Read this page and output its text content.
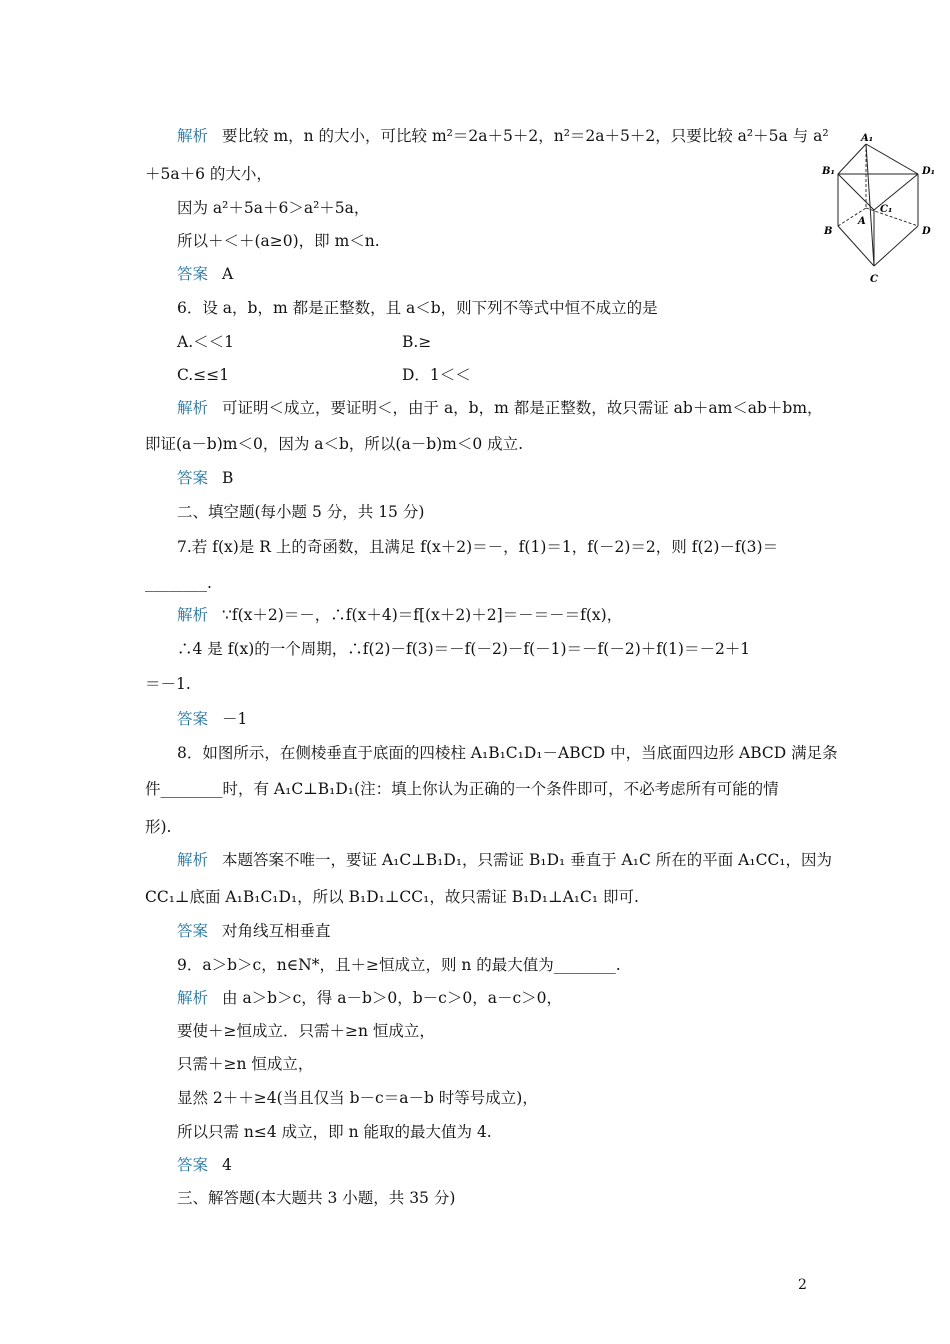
解析 要比较 m，n 的大小，可比较 m²＝2a＋5＋2，n²＝2a＋5＋2，只要比较 a²＋5a 与 a²
＋5a＋6 的大小，
因为 a²＋5a＋6＞a²＋5a，
所以＋＜＋(a≥0)，即 m＜n.
答案 A
6．设 a，b，m 都是正整数，且 a＜b，则下列不等式中恒不成立的是
A.＜＜1	B.≥
C.≤≤1	D．1＜＜
解析 可证明＜成立，要证明＜，由于 a，b，m 都是正整数，故只需证 ab＋am＜ab＋bm，
即证(a－b)m＜0，因为 a＜b，所以(a－b)m＜0 成立.
答案 B
二、填空题(每小题 5 分，共 15 分)
7.若 f(x)是 R 上的奇函数，且满足 f(x＋2)＝－，f(1)＝1，f(－2)＝2，则 f(2)－f(3)＝
________.
解析 ∵f(x＋2)＝－，∴f(x＋4)＝f[(x＋2)＋2]＝－＝－＝f(x)，
∴4 是 f(x)的一个周期，∴f(2)－f(3)＝－f(－2)－f(－1)＝－f(－2)＋f(1)＝－2＋1
＝－1.
答案 －1
8．如图所示，在侧棱垂直于底面的四棱柱 A₁B₁C₁D₁－ABCD 中，当底面四边形 ABCD 满足条
件________时，有 A₁C⊥B₁D₁(注：填上你认为正确的一个条件即可，不必考虑所有可能的情
形).
解析 本题答案不唯一，要证 A₁C⊥B₁D₁，只需证 B₁D₁ 垂直于 A₁C 所在的平面 A₁CC₁，因为
CC₁⊥底面 A₁B₁C₁D₁，所以 B₁D₁⊥CC₁，故只需证 B₁D₁⊥A₁C₁ 即可.
答案 对角线互相垂直
9．a＞b＞c，n∈N*，且＋≥恒成立，则 n 的最大值为________.
解析 由 a＞b＞c，得 a－b＞0，b－c＞0，a－c＞0，
要使＋≥恒成立．只需＋≥n 恒成立，
只需＋≥n 恒成立，
显然 2＋＋≥4(当且仅当 b－c＝a－b 时等号成立)，
所以只需 n≤4 成立，即 n 能取的最大值为 4.
答案 4
三、解答题(本大题共 3 小题，共 35 分)
A₁
B₁	D₁
C₁
A
B	D
C
2
